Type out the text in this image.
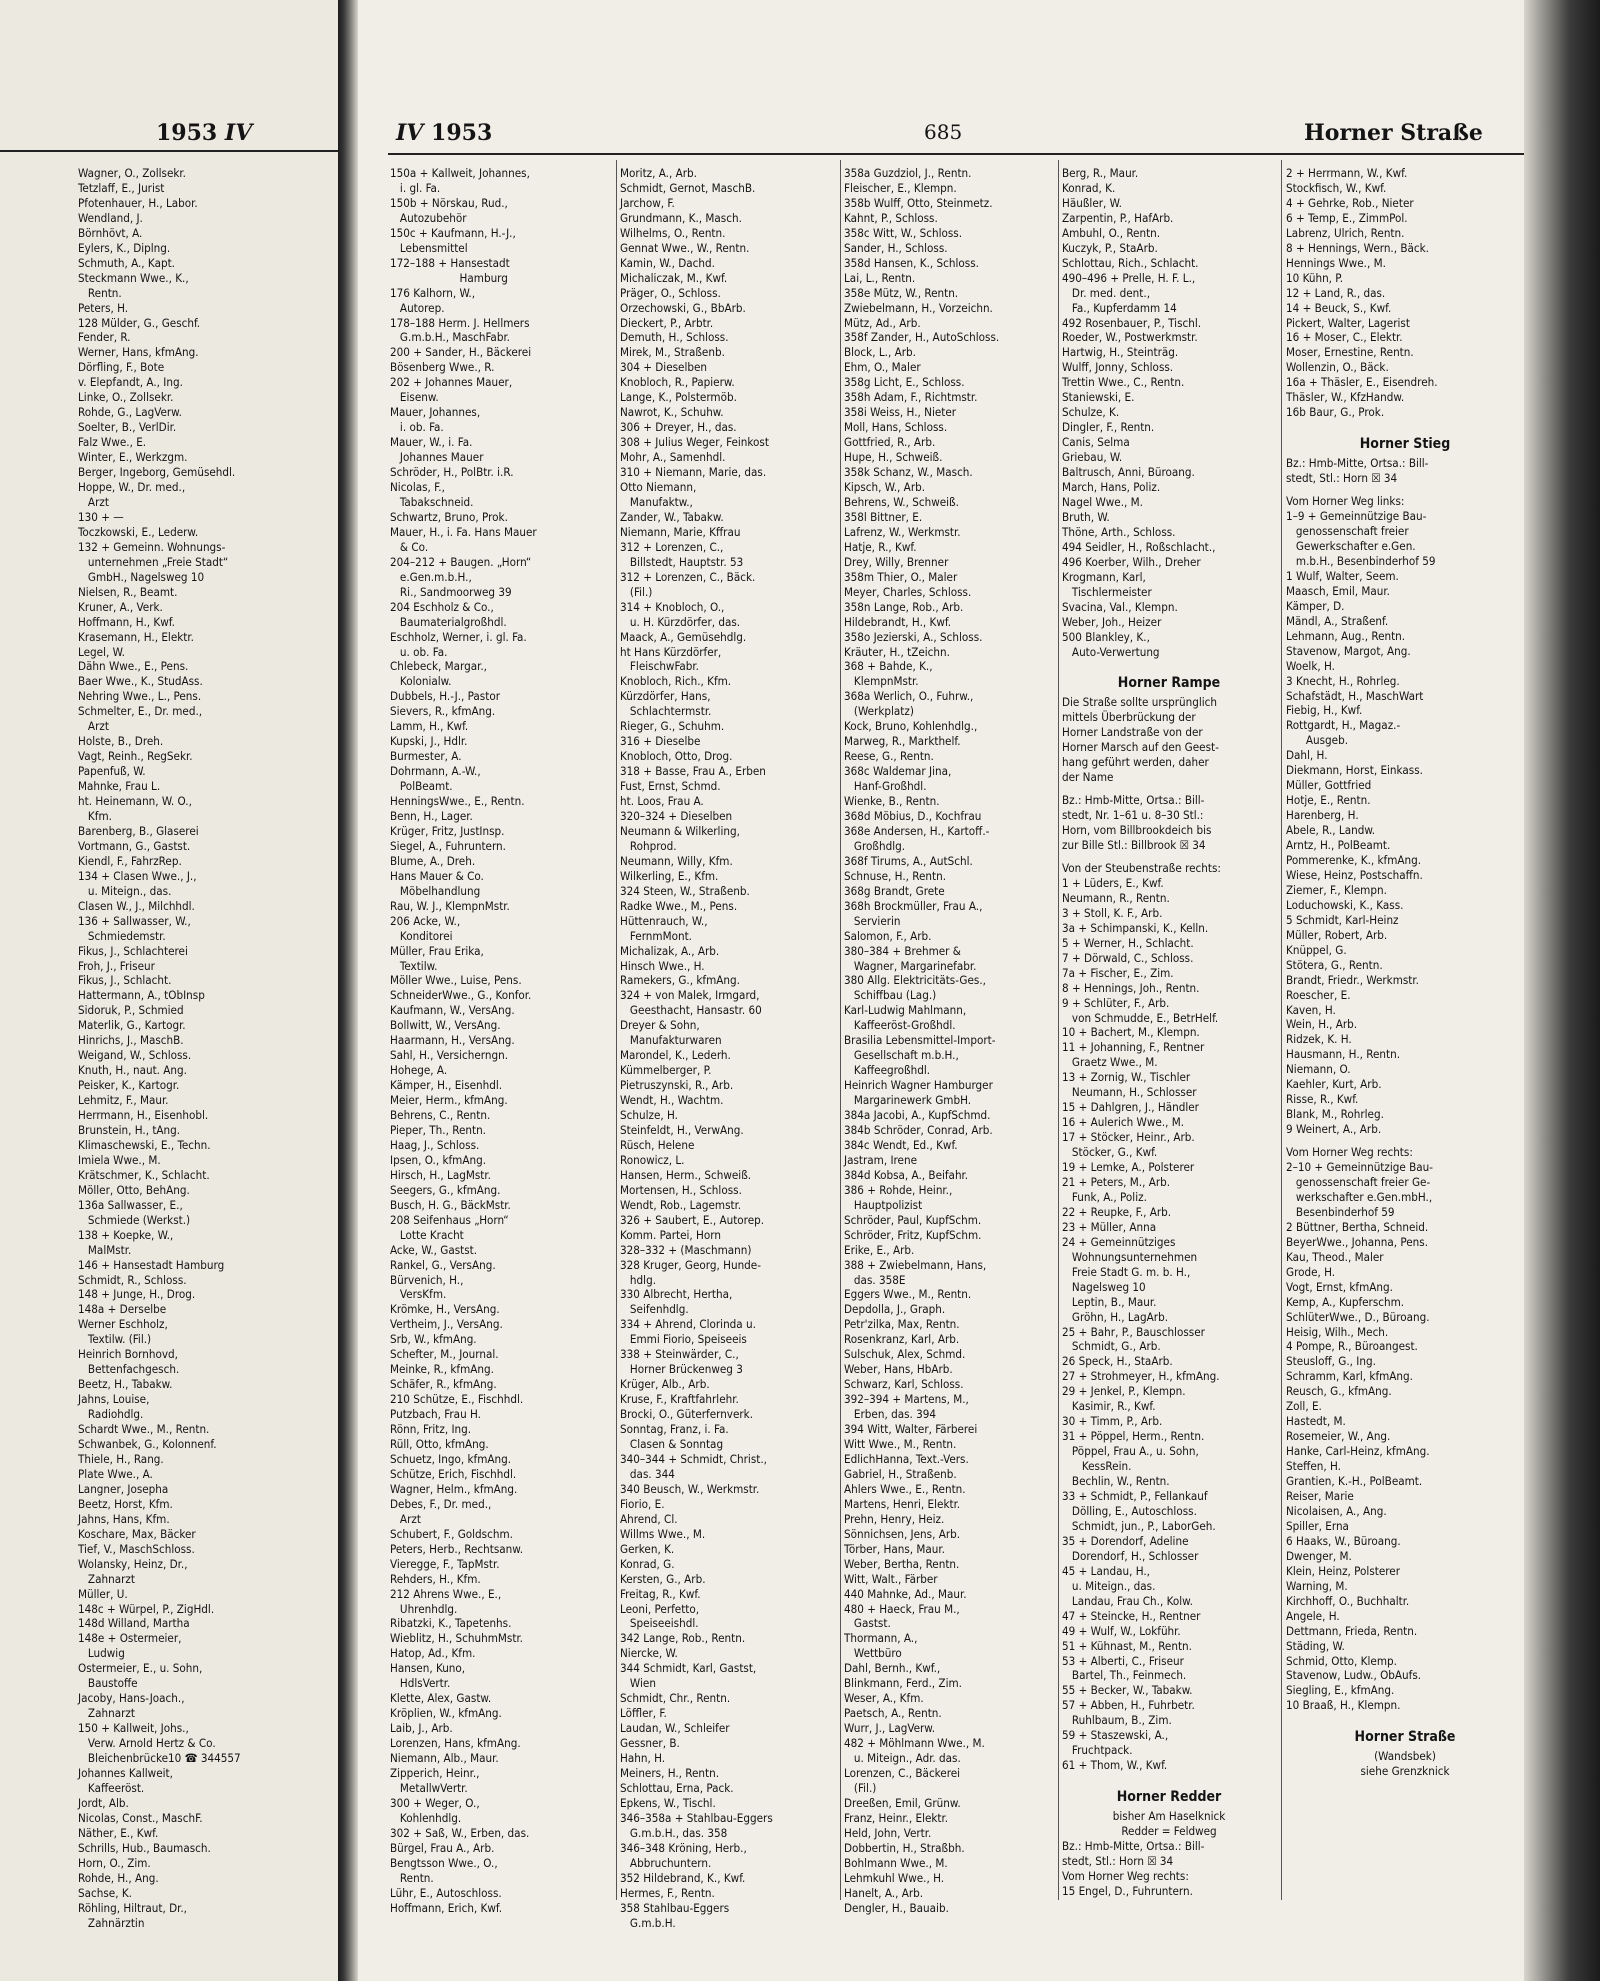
1953 IV
Wagner, O., Zollsekr.
Tetzlaff, E., Jurist
Pfotenhauer, H., Labor.
Wendland, J.
Börnhövt, A.
Eylers, K., Diplng.
Schmuth, A., Kapt.
Steckmann Wwe., K.,
Rentn.
Peters, H.
128 Mülder, G., Geschf.
Fender, R.
Werner, Hans, kfmAng.
Dörfling, F., Bote
v. Elepfandt, A., Ing.
Linke, O., Zollsekr.
Rohde, G., LagVerw.
Soelter, B., VerlDir.
Falz Wwe., E.
Winter, E., Werkzgm.
Berger, Ingeborg, Gemüsehdl.
Hoppe, W., Dr. med.,
Arzt
130 + —
Toczkowski, E., Lederw.
132 + Gemeinn. Wohnungs-
unternehmen „Freie Stadt“
GmbH., Nagelsweg 10
Nielsen, R., Beamt.
Kruner, A., Verk.
Hoffmann, H., Kwf.
Krasemann, H., Elektr.
Legel, W.
Dähn Wwe., E., Pens.
Baer Wwe., K., StudAss.
Nehring Wwe., L., Pens.
Schmelter, E., Dr. med.,
Arzt
Holste, B., Dreh.
Vagt, Reinh., RegSekr.
Papenfuß, W.
Mahnke, Frau L.
ht. Heinemann, W. O.,
Kfm.
Barenberg, B., Glaserei
Vortmann, G., Gastst.
Kiendl, F., FahrzRep.
134 + Clasen Wwe., J.,
u. Miteign., das.
Clasen W., J., Milchhdl.
136 + Sallwasser, W.,
Schmiedemstr.
Fikus, J., Schlachterei
Froh, J., Friseur
Fikus, J., Schlacht.
Hattermann, A., tObInsp
Sidoruk, P., Schmied
Materlik, G., Kartogr.
Hinrichs, J., MaschB.
Weigand, W., Schloss.
Knuth, H., naut. Ang.
Peisker, K., Kartogr.
Lehmitz, F., Maur.
Herrmann, H., Eisenhobl.
Brunstein, H., tAng.
Klimaschewski, E., Techn.
Imiela Wwe., M.
Krätschmer, K., Schlacht.
Möller, Otto, BehAng.
136a Sallwasser, E.,
Schmiede (Werkst.)
138 + Koepke, W.,
MalMstr.
146 + Hansestadt Hamburg
Schmidt, R., Schloss.
148 + Junge, H., Drog.
148a + Derselbe
Werner Eschholz,
Textilw. (Fil.)
Heinrich Bornhovd,
Bettenfachgesch.
Beetz, H., Tabakw.
Jahns, Louise,
Radiohdlg.
Schardt Wwe., M., Rentn.
Schwanbek, G., Kolonnenf.
Thiele, H., Rang.
Plate Wwe., A.
Langner, Josepha
Beetz, Horst, Kfm.
Jahns, Hans, Kfm.
Koschare, Max, Bäcker
Tief, V., MaschSchloss.
Wolansky, Heinz, Dr.,
Zahnarzt
Müller, U.
148c + Würpel, P., ZigHdl.
148d Willand, Martha
148e + Ostermeier,
Ludwig
Ostermeier, E., u. Sohn,
Baustoffe
Jacoby, Hans-Joach.,
Zahnarzt
150 + Kallweit, Johs.,
Verw. Arnold Hertz & Co.
Bleichenbrücke10 ☎ 344557
Johannes Kallweit,
Kaffeeröst.
Jordt, Alb.
Nicolas, Const., MaschF.
Näther, E., Kwf.
Schrills, Hub., Baumasch.
Horn, O., Zim.
Rohde, H., Ang.
Sachse, K.
Röhling, Hiltraut, Dr.,
Zahnärztin
IV 1953	685	Horner Straße
150a + Kallweit, Johannes,
i. gl. Fa.
150b + Nörskau, Rud.,
Autozubehör
150c + Kaufmann, H.-J.,
Lebensmittel
172–188 + Hansestadt
Hamburg
176 Kalhorn, W.,
Autorep.
178–188 Herm. J. Hellmers
G.m.b.H., MaschFabr.
200 + Sander, H., Bäckerei
Bösenberg Wwe., R.
202 + Johannes Mauer,
Eisenw.
Mauer, Johannes,
i. ob. Fa.
Mauer, W., i. Fa.
Johannes Mauer
Schröder, H., PolBtr. i.R.
Nicolas, F.,
Tabakschneid.
Schwartz, Bruno, Prok.
Mauer, H., i. Fa. Hans Mauer
& Co.
204–212 + Baugen. „Horn“
e.Gen.m.b.H.,
Ri., Sandmoorweg 39
204 Eschholz & Co.,
Baumaterialgroßhdl.
Eschholz, Werner, i. gl. Fa.
u. ob. Fa.
Chlebeck, Margar.,
Kolonialw.
Dubbels, H.-J., Pastor
Sievers, R., kfmAng.
Lamm, H., Kwf.
Kupski, J., Hdlr.
Burmester, A.
Dohrmann, A.-W.,
PolBeamt.
HenningsWwe., E., Rentn.
Benn, H., Lager.
Krüger, Fritz, JustInsp.
Siegel, A., Fuhruntern.
Blume, A., Dreh.
Hans Mauer & Co.
Möbelhandlung
Rau, W. J., KlempnMstr.
206 Acke, W.,
Konditorei
Müller, Frau Erika,
Textilw.
Möller Wwe., Luise, Pens.
SchneiderWwe., G., Konfor.
Kaufmann, W., VersAng.
Bollwitt, W., VersAng.
Haarmann, H., VersAng.
Sahl, H., Versicherngn.
Hohege, A.
Kämper, H., Eisenhdl.
Meier, Herm., kfmAng.
Behrens, C., Rentn.
Pieper, Th., Rentn.
Haag, J., Schloss.
Ipsen, O., kfmAng.
Hirsch, H., LagMstr.
Seegers, G., kfmAng.
Busch, H. G., BäckMstr.
208 Seifenhaus „Horn“
Lotte Kracht
Acke, W., Gastst.
Rankel, G., VersAng.
Bürvenich, H.,
VersKfm.
Krömke, H., VersAng.
Vertheim, J., VersAng.
Srb, W., kfmAng.
Schefter, M., Journal.
Meinke, R., kfmAng.
Schäfer, R., kfmAng.
210 Schütze, E., Fischhdl.
Putzbach, Frau H.
Rönn, Fritz, Ing.
Rüll, Otto, kfmAng.
Schuetz, Ingo, kfmAng.
Schütze, Erich, Fischhdl.
Wagner, Helm., kfmAng.
Debes, F., Dr. med.,
Arzt
Schubert, F., Goldschm.
Peters, Herb., Rechtsanw.
Vieregge, F., TapMstr.
Rehders, H., Kfm.
212 Ahrens Wwe., E.,
Uhrenhdlg.
Ribatzki, K., Tapetenhs.
Wieblitz, H., SchuhmMstr.
Hatop, Ad., Kfm.
Hansen, Kuno,
HdlsVertr.
Klette, Alex, Gastw.
Kröplien, W., kfmAng.
Laib, J., Arb.
Lorenzen, Hans, kfmAng.
Niemann, Alb., Maur.
Zipperich, Heinr.,
MetallwVertr.
300 + Weger, O.,
Kohlenhdlg.
302 + Saß, W., Erben, das.
Bürgel, Frau A., Arb.
Bengtsson Wwe., O.,
Rentn.
Lühr, E., Autoschloss.
Hoffmann, Erich, Kwf.
Moritz, A., Arb.
Schmidt, Gernot, MaschB.
Jarchow, F.
Grundmann, K., Masch.
Wilhelms, O., Rentn.
Gennat Wwe., W., Rentn.
Kamin, W., Dachd.
Michaliczak, M., Kwf.
Präger, O., Schloss.
Orzechowski, G., BbArb.
Dieckert, P., Arbtr.
Demuth, H., Schloss.
Mirek, M., Straßenb.
304 + Dieselben
Knobloch, R., Papierw.
Lange, K., Polstermöb.
Nawrot, K., Schuhw.
306 + Dreyer, H., das.
308 + Julius Weger, Feinkost
Mohr, A., Samenhdl.
310 + Niemann, Marie, das.
Otto Niemann,
Manufaktw.,
Zander, W., Tabakw.
Niemann, Marie, Kffrau
312 + Lorenzen, C.,
Billstedt, Hauptstr. 53
312 + Lorenzen, C., Bäck.
(Fil.)
314 + Knobloch, O.,
u. H. Kürzdörfer, das.
Maack, A., Gemüsehdlg.
ht Hans Kürzdörfer,
FleischwFabr.
Knobloch, Rich., Kfm.
Kürzdörfer, Hans,
Schlachtermstr.
Rieger, G., Schuhm.
316 + Dieselbe
Knobloch, Otto, Drog.
318 + Basse, Frau A., Erben
Fust, Ernst, Schmd.
ht. Loos, Frau A.
320–324 + Dieselben
Neumann & Wilkerling,
Rohprod.
Neumann, Willy, Kfm.
Wilkerling, E., Kfm.
324 Steen, W., Straßenb.
Radke Wwe., M., Pens.
Hüttenrauch, W.,
FernmMont.
Michalizak, A., Arb.
Hinsch Wwe., H.
Ramekers, G., kfmAng.
324 + von Malek, Irmgard,
Geesthacht, Hansastr. 60
Dreyer & Sohn,
Manufakturwaren
Marondel, K., Lederh.
Kümmelberger, P.
Pietruszynski, R., Arb.
Wendt, H., Wachtm.
Schulze, H.
Steinfeldt, H., VerwAng.
Rüsch, Helene
Ronowicz, L.
Hansen, Herm., Schweiß.
Mortensen, H., Schloss.
Wendt, Rob., Lagemstr.
326 + Saubert, E., Autorep.
Komm. Partei, Horn
328–332 + (Maschmann)
328 Kruger, Georg, Hunde-
hdlg.
330 Albrecht, Hertha,
Seifenhdlg.
334 + Ahrend, Clorinda u.
Emmi Fiorio, Speiseeis
338 + Steinwärder, C.,
Horner Brückenweg 3
Krüger, Alb., Arb.
Kruse, F., Kraftfahrlehr.
Brocki, O., Güterfernverk.
Sonntag, Franz, i. Fa.
Clasen & Sonntag
340–344 + Schmidt, Christ.,
das. 344
340 Beusch, W., Werkmstr.
Fiorio, E.
Ahrend, Cl.
Willms Wwe., M.
Gerken, K.
Konrad, G.
Kersten, G., Arb.
Freitag, R., Kwf.
Leoni, Perfetto,
Speiseeishdl.
342 Lange, Rob., Rentn.
Niercke, W.
344 Schmidt, Karl, Gastst,
Wien
Schmidt, Chr., Rentn.
Löffler, F.
Laudan, W., Schleifer
Gessner, B.
Hahn, H.
Meiners, H., Rentn.
Schlottau, Erna, Pack.
Epkens, W., Tischl.
346–358a + Stahlbau-Eggers
G.m.b.H., das. 358
346–348 Kröning, Herb.,
Abbruchuntern.
352 Hildebrand, K., Kwf.
Hermes, F., Rentn.
358 Stahlbau-Eggers
G.m.b.H.
358a Guzdziol, J., Rentn.
Fleischer, E., Klempn.
358b Wulff, Otto, Steinmetz.
Kahnt, P., Schloss.
358c Witt, W., Schloss.
Sander, H., Schloss.
358d Hansen, K., Schloss.
Lai, L., Rentn.
358e Mütz, W., Rentn.
Zwiebelmann, H., Vorzeichn.
Mütz, Ad., Arb.
358f Zander, H., AutoSchloss.
Block, L., Arb.
Ehm, O., Maler
358g Licht, E., Schloss.
358h Adam, F., Richtmstr.
358i Weiss, H., Nieter
Moll, Hans, Schloss.
Gottfried, R., Arb.
Hupe, H., Schweiß.
358k Schanz, W., Masch.
Kipsch, W., Arb.
Behrens, W., Schweiß.
358l Bittner, E.
Lafrenz, W., Werkmstr.
Hatje, R., Kwf.
Drey, Willy, Brenner
358m Thier, O., Maler
Meyer, Charles, Schloss.
358n Lange, Rob., Arb.
Hildebrandt, H., Kwf.
358o Jezierski, A., Schloss.
Kräuter, H., tZeichn.
368 + Bahde, K.,
KlempnMstr.
368a Werlich, O., Fuhrw.,
(Werkplatz)
Kock, Bruno, Kohlenhdlg.,
Marweg, R., Markthelf.
Reese, G., Rentn.
368c Waldemar Jina,
Hanf-Großhdl.
Wienke, B., Rentn.
368d Möbius, D., Kochfrau
368e Andersen, H., Kartoff.-
Großhdlg.
368f Tirums, A., AutSchl.
Schnuse, H., Rentn.
368g Brandt, Grete
368h Brockmüller, Frau A.,
Servierin
Salomon, F., Arb.
380–384 + Brehmer &
Wagner, Margarinefabr.
380 Allg. Elektricitäts-Ges.,
Schiffbau (Lag.)
Karl-Ludwig Mahlmann,
Kaffeeröst-Großhdl.
Brasilia Lebensmittel-Import-
Gesellschaft m.b.H.,
Kaffeegroßhdl.
Heinrich Wagner Hamburger
Margarinewerk GmbH.
384a Jacobi, A., KupfSchmd.
384b Schröder, Conrad, Arb.
384c Wendt, Ed., Kwf.
Jastram, Irene
384d Kobsa, A., Beifahr.
386 + Rohde, Heinr.,
Hauptpolizist
Schröder, Paul, KupfSchm.
Schröder, Fritz, KupfSchm.
Erike, E., Arb.
388 + Zwiebelmann, Hans,
das. 358E
Eggers Wwe., M., Rentn.
Depdolla, J., Graph.
Petr'zilka, Max, Rentn.
Rosenkranz, Karl, Arb.
Sulschuk, Alex, Schmd.
Weber, Hans, HbArb.
Schwarz, Karl, Schloss.
392–394 + Martens, M.,
Erben, das. 394
394 Witt, Walter, Färberei
Witt Wwe., M., Rentn.
EdlichHanna, Text.-Vers.
Gabriel, H., Straßenb.
Ahlers Wwe., E., Rentn.
Martens, Henri, Elektr.
Prehn, Henry, Heiz.
Sönnichsen, Jens, Arb.
Törber, Hans, Maur.
Weber, Bertha, Rentn.
Witt, Walt., Färber
440 Mahnke, Ad., Maur.
480 + Haeck, Frau M.,
Gastst.
Thormann, A.,
Wettbüro
Dahl, Bernh., Kwf.,
Blinkmann, Ferd., Zim.
Weser, A., Kfm.
Paetsch, A., Rentn.
Wurr, J., LagVerw.
482 + Möhlmann Wwe., M.
u. Miteign., Adr. das.
Lorenzen, C., Bäckerei
(Fil.)
Dreeßen, Emil, Grünw.
Franz, Heinr., Elektr.
Held, John, Vertr.
Dobbertin, H., Straßbh.
Bohlmann Wwe., M.
Lehmkuhl Wwe., H.
Hanelt, A., Arb.
Dengler, H., Bauaib.
Berg, R., Maur.
Konrad, K.
Häußler, W.
Zarpentin, P., HafArb.
Ambuhl, O., Rentn.
Kuczyk, P., StaArb.
Schlottau, Rich., Schlacht.
490–496 + Prelle, H. F. L.,
Dr. med. dent.,
Fa., Kupferdamm 14
492 Rosenbauer, P., Tischl.
Roeder, W., Postwerkmstr.
Hartwig, H., Steinträg.
Wulff, Jonny, Schloss.
Trettin Wwe., C., Rentn.
Staniewski, E.
Schulze, K.
Dingler, F., Rentn.
Canis, Selma
Griebau, W.
Baltrusch, Anni, Büroang.
March, Hans, Poliz.
Nagel Wwe., M.
Bruth, W.
Thöne, Arth., Schloss.
494 Seidler, H., Roßschlacht.,
496 Koerber, Wilh., Dreher
Krogmann, Karl,
Tischlermeister
Svacina, Val., Klempn.
Weber, Joh., Heizer
500 Blankley, K.,
Auto-Verwertung
Horner Rampe
Die Straße sollte ursprünglich
mittels Überbrückung der
Horner Landstraße von der
Horner Marsch auf den Geest-
hang geführt werden, daher
der Name
Bz.: Hmb-Mitte, Ortsa.: Bill-
stedt, Nr. 1–61 u. 8–30 Stl.:
Horn, vom Billbrookdeich bis
zur Bille Stl.: Billbrook ☒ 34
Von der Steubenstraße rechts:
1 + Lüders, E., Kwf.
Neumann, R., Rentn.
3 + Stoll, K. F., Arb.
3a + Schimpanski, K., Kelln.
5 + Werner, H., Schlacht.
7 + Dörwald, C., Schloss.
7a + Fischer, E., Zim.
8 + Hennings, Joh., Rentn.
9 + Schlüter, F., Arb.
von Schmudde, E., BetrHelf.
10 + Bachert, M., Klempn.
11 + Johanning, F., Rentner
Graetz Wwe., M.
13 + Zornig, W., Tischler
Neumann, H., Schlosser
15 + Dahlgren, J., Händler
16 + Aulerich Wwe., M.
17 + Stöcker, Heinr., Arb.
Stöcker, G., Kwf.
19 + Lemke, A., Polsterer
21 + Peters, M., Arb.
Funk, A., Poliz.
22 + Reupke, F., Arb.
23 + Müller, Anna
24 + Gemeinnütziges
Wohnungsunternehmen
Freie Stadt G. m. b. H.,
Nagelsweg 10
Leptin, B., Maur.
Gröhn, H., LagArb.
25 + Bahr, P., Bauschlosser
Schmidt, G., Arb.
26 Speck, H., StaArb.
27 + Strohmeyer, H., kfmAng.
29 + Jenkel, P., Klempn.
Kasimir, R., Kwf.
30 + Timm, P., Arb.
31 + Pöppel, Herm., Rentn.
Pöppel, Frau A., u. Sohn,
KessRein.
Bechlin, W., Rentn.
33 + Schmidt, P., Fellankauf
Dölling, E., Autoschloss.
Schmidt, jun., P., LaborGeh.
35 + Dorendorf, Adeline
Dorendorf, H., Schlosser
45 + Landau, H.,
u. Miteign., das.
Landau, Frau Ch., Kolw.
47 + Steincke, H., Rentner
49 + Wulf, W., Lokführ.
51 + Kühnast, M., Rentn.
53 + Alberti, C., Friseur
Bartel, Th., Feinmech.
55 + Becker, W., Tabakw.
57 + Abben, H., Fuhrbetr.
Ruhlbaum, B., Zim.
59 + Staszewski, A.,
Fruchtpack.
61 + Thom, W., Kwf.
Horner Redder
bisher Am Haselknick
Redder = Feldweg
Bz.: Hmb-Mitte, Ortsa.: Bill-
stedt, Stl.: Horn ☒ 34
Vom Horner Weg rechts:
15 Engel, D., Fuhruntern.
2 + Herrmann, W., Kwf.
Stockfisch, W., Kwf.
4 + Gehrke, Rob., Nieter
6 + Temp, E., ZimmPol.
Labrenz, Ulrich, Rentn.
8 + Hennings, Wern., Bäck.
Hennings Wwe., M.
10 Kühn, P.
12 + Land, R., das.
14 + Beuck, S., Kwf.
Pickert, Walter, Lagerist
16 + Moser, C., Elektr.
Moser, Ernestine, Rentn.
Wollenzin, O., Bäck.
16a + Thäsler, E., Eisendreh.
Thäsler, W., KfzHandw.
16b Baur, G., Prok.
Horner Stieg
Bz.: Hmb-Mitte, Ortsa.: Bill-
stedt, Stl.: Horn ☒ 34
Vom Horner Weg links:
1–9 + Gemeinnützige Bau-
genossenschaft freier
Gewerkschafter e.Gen.
m.b.H., Besenbinderhof 59
1 Wulf, Walter, Seem.
Maasch, Emil, Maur.
Kämper, D.
Mändl, A., Straßenf.
Lehmann, Aug., Rentn.
Stavenow, Margot, Ang.
Woelk, H.
3 Knecht, H., Rohrleg.
Schafstädt, H., MaschWart
Fiebig, H., Kwf.
Rottgardt, H., Magaz.-
Ausgeb.
Dahl, H.
Diekmann, Horst, Einkass.
Müller, Gottfried
Hotje, E., Rentn.
Harenberg, H.
Abele, R., Landw.
Arntz, H., PolBeamt.
Pommerenke, K., kfmAng.
Wiese, Heinz, Postschaffn.
Ziemer, F., Klempn.
Loduchowski, K., Kass.
5 Schmidt, Karl-Heinz
Müller, Robert, Arb.
Knüppel, G.
Stötera, G., Rentn.
Brandt, Friedr., Werkmstr.
Roescher, E.
Kaven, H.
Wein, H., Arb.
Ridzek, K. H.
Hausmann, H., Rentn.
Niemann, O.
Kaehler, Kurt, Arb.
Risse, R., Kwf.
Blank, M., Rohrleg.
9 Weinert, A., Arb.
Vom Horner Weg rechts:
2–10 + Gemeinnützige Bau-
genossenschaft freier Ge-
werkschafter e.Gen.mbH.,
Besenbinderhof 59
2 Büttner, Bertha, Schneid.
BeyerWwe., Johanna, Pens.
Kau, Theod., Maler
Grode, H.
Vogt, Ernst, kfmAng.
Kemp, A., Kupferschm.
SchlüterWwe., D., Büroang.
Heisig, Wilh., Mech.
4 Pompe, R., Büroangest.
Steusloff, G., Ing.
Schramm, Karl, kfmAng.
Reusch, G., kfmAng.
Zoll, E.
Hastedt, M.
Rosemeier, W., Ang.
Hanke, Carl-Heinz, kfmAng.
Steffen, H.
Grantien, K.-H., PolBeamt.
Reiser, Marie
Nicolaisen, A., Ang.
Spiller, Erna
6 Haaks, W., Büroang.
Dwenger, M.
Klein, Heinz, Polsterer
Warning, M.
Kirchhoff, O., Buchhaltr.
Angele, H.
Dettmann, Frieda, Rentn.
Städing, W.
Schmid, Otto, Klemp.
Stavenow, Ludw., ObAufs.
Siegling, E., kfmAng.
10 Braaß, H., Klempn.
Horner Straße
(Wandsbek)
siehe Grenzknick
